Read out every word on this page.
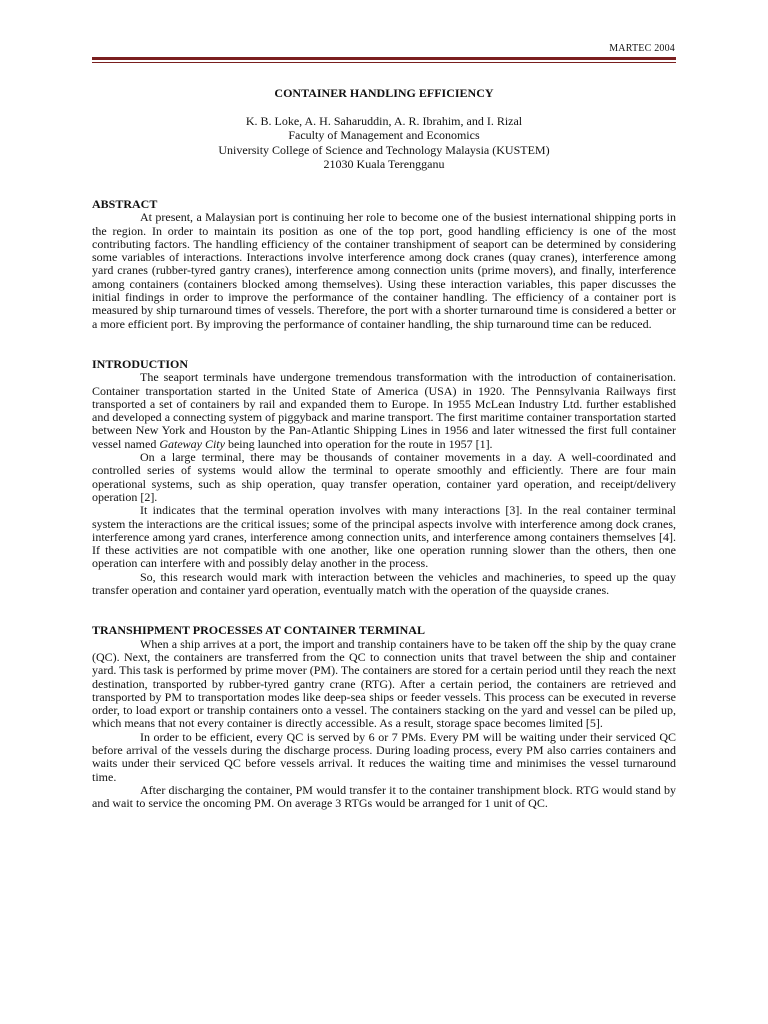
MARTEC 2004
CONTAINER HANDLING EFFICIENCY
K. B. Loke, A. H. Saharuddin, A. R. Ibrahim, and I. Rizal
Faculty of Management and Economics
University College of Science and Technology Malaysia (KUSTEM)
21030 Kuala Terengganu
ABSTRACT

At present, a Malaysian port is continuing her role to become one of the busiest international shipping ports in the region. In order to maintain its position as one of the top port, good handling efficiency is one of the most contributing factors. The handling efficiency of the container transhipment of seaport can be determined by considering some variables of interactions. Interactions involve interference among dock cranes (quay cranes), interference among yard cranes (rubber-tyred gantry cranes), interference among connection units (prime movers), and finally, interference among containers (containers blocked among themselves). Using these interaction variables, this paper discusses the initial findings in order to improve the performance of the container handling. The efficiency of a container port is measured by ship turnaround times of vessels. Therefore, the port with a shorter turnaround time is considered a better or a more efficient port. By improving the performance of container handling, the ship turnaround time can be reduced.

INTRODUCTION

The seaport terminals have undergone tremendous transformation with the introduction of containerisation. Container transportation started in the United State of America (USA) in 1920. The Pennsylvania Railways first transported a set of containers by rail and expanded them to Europe. In 1955 McLean Industry Ltd. further established and developed a connecting system of piggyback and marine transport. The first maritime container transportation started between New York and Houston by the Pan-Atlantic Shipping Lines in 1956 and later witnessed the first full container vessel named Gateway City being launched into operation for the route in 1957 [1].

On a large terminal, there may be thousands of container movements in a day. A well-coordinated and controlled series of systems would allow the terminal to operate smoothly and efficiently. There are four main operational systems, such as ship operation, quay transfer operation, container yard operation, and receipt/delivery operation [2].

It indicates that the terminal operation involves with many interactions [3]. In the real container terminal system the interactions are the critical issues; some of the principal aspects involve with interference among dock cranes, interference among yard cranes, interference among connection units, and interference among containers themselves [4]. If these activities are not compatible with one another, like one operation running slower than the others, then one operation can interfere with and possibly delay another in the process.

So, this research would mark with interaction between the vehicles and machineries, to speed up the quay transfer operation and container yard operation, eventually match with the operation of the quayside cranes.

TRANSHIPMENT PROCESSES AT CONTAINER TERMINAL

When a ship arrives at a port, the import and tranship containers have to be taken off the ship by the quay crane (QC). Next, the containers are transferred from the QC to connection units that travel between the ship and container yard. This task is performed by prime mover (PM). The containers are stored for a certain period until they reach the next destination, transported by rubber-tyred gantry crane (RTG). After a certain period, the containers are retrieved and transported by PM to transportation modes like deep-sea ships or feeder vessels. This process can be executed in reverse order, to load export or tranship containers onto a vessel. The containers stacking on the yard and vessel can be piled up, which means that not every container is directly accessible. As a result, storage space becomes limited [5].

In order to be efficient, every QC is served by 6 or 7 PMs. Every PM will be waiting under their serviced QC before arrival of the vessels during the discharge process. During loading process, every PM also carries containers and waits under their serviced QC before vessels arrival. It reduces the waiting time and minimises the vessel turnaround time.

After discharging the container, PM would transfer it to the container transhipment block. RTG would stand by and wait to service the oncoming PM. On average 3 RTGs would be arranged for 1 unit of QC.
